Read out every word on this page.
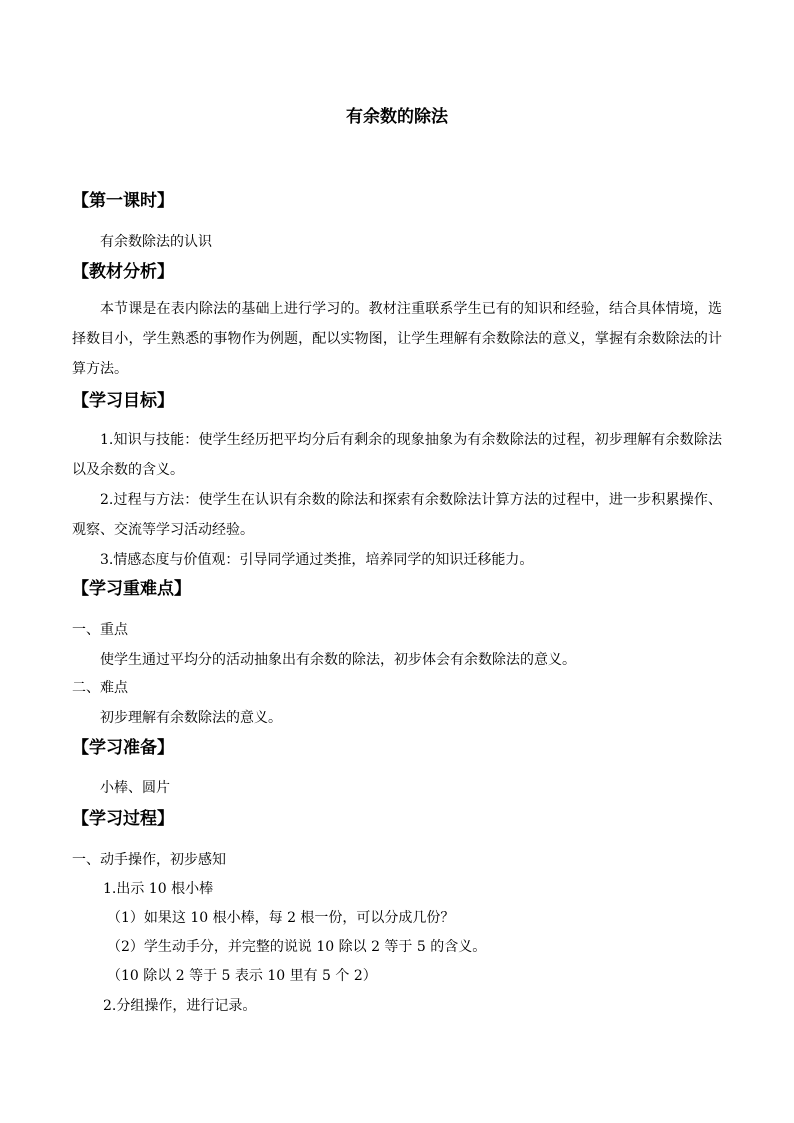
有余数的除法
【第一课时】
有余数除法的认识
【教材分析】
本节课是在表内除法的基础上进行学习的。教材注重联系学生已有的知识和经验，结合具体情境，选择数目小，学生熟悉的事物作为例题，配以实物图，让学生理解有余数除法的意义，掌握有余数除法的计算方法。
【学习目标】
1.知识与技能：使学生经历把平均分后有剩余的现象抽象为有余数除法的过程，初步理解有余数除法以及余数的含义。
2.过程与方法：使学生在认识有余数的除法和探索有余数除法计算方法的过程中，进一步积累操作、观察、交流等学习活动经验。
3.情感态度与价值观：引导同学通过类推，培养同学的知识迁移能力。
【学习重难点】
一、重点
使学生通过平均分的活动抽象出有余数的除法，初步体会有余数除法的意义。
二、难点
初步理解有余数除法的意义。
【学习准备】
小棒、圆片
【学习过程】
一、动手操作，初步感知
1.出示 10 根小棒
（1）如果这 10 根小棒，每 2 根一份，可以分成几份？
（2）学生动手分，并完整的说说 10 除以 2 等于 5 的含义。
（10 除以 2 等于 5 表示 10 里有 5 个 2）
2.分组操作，进行记录。
